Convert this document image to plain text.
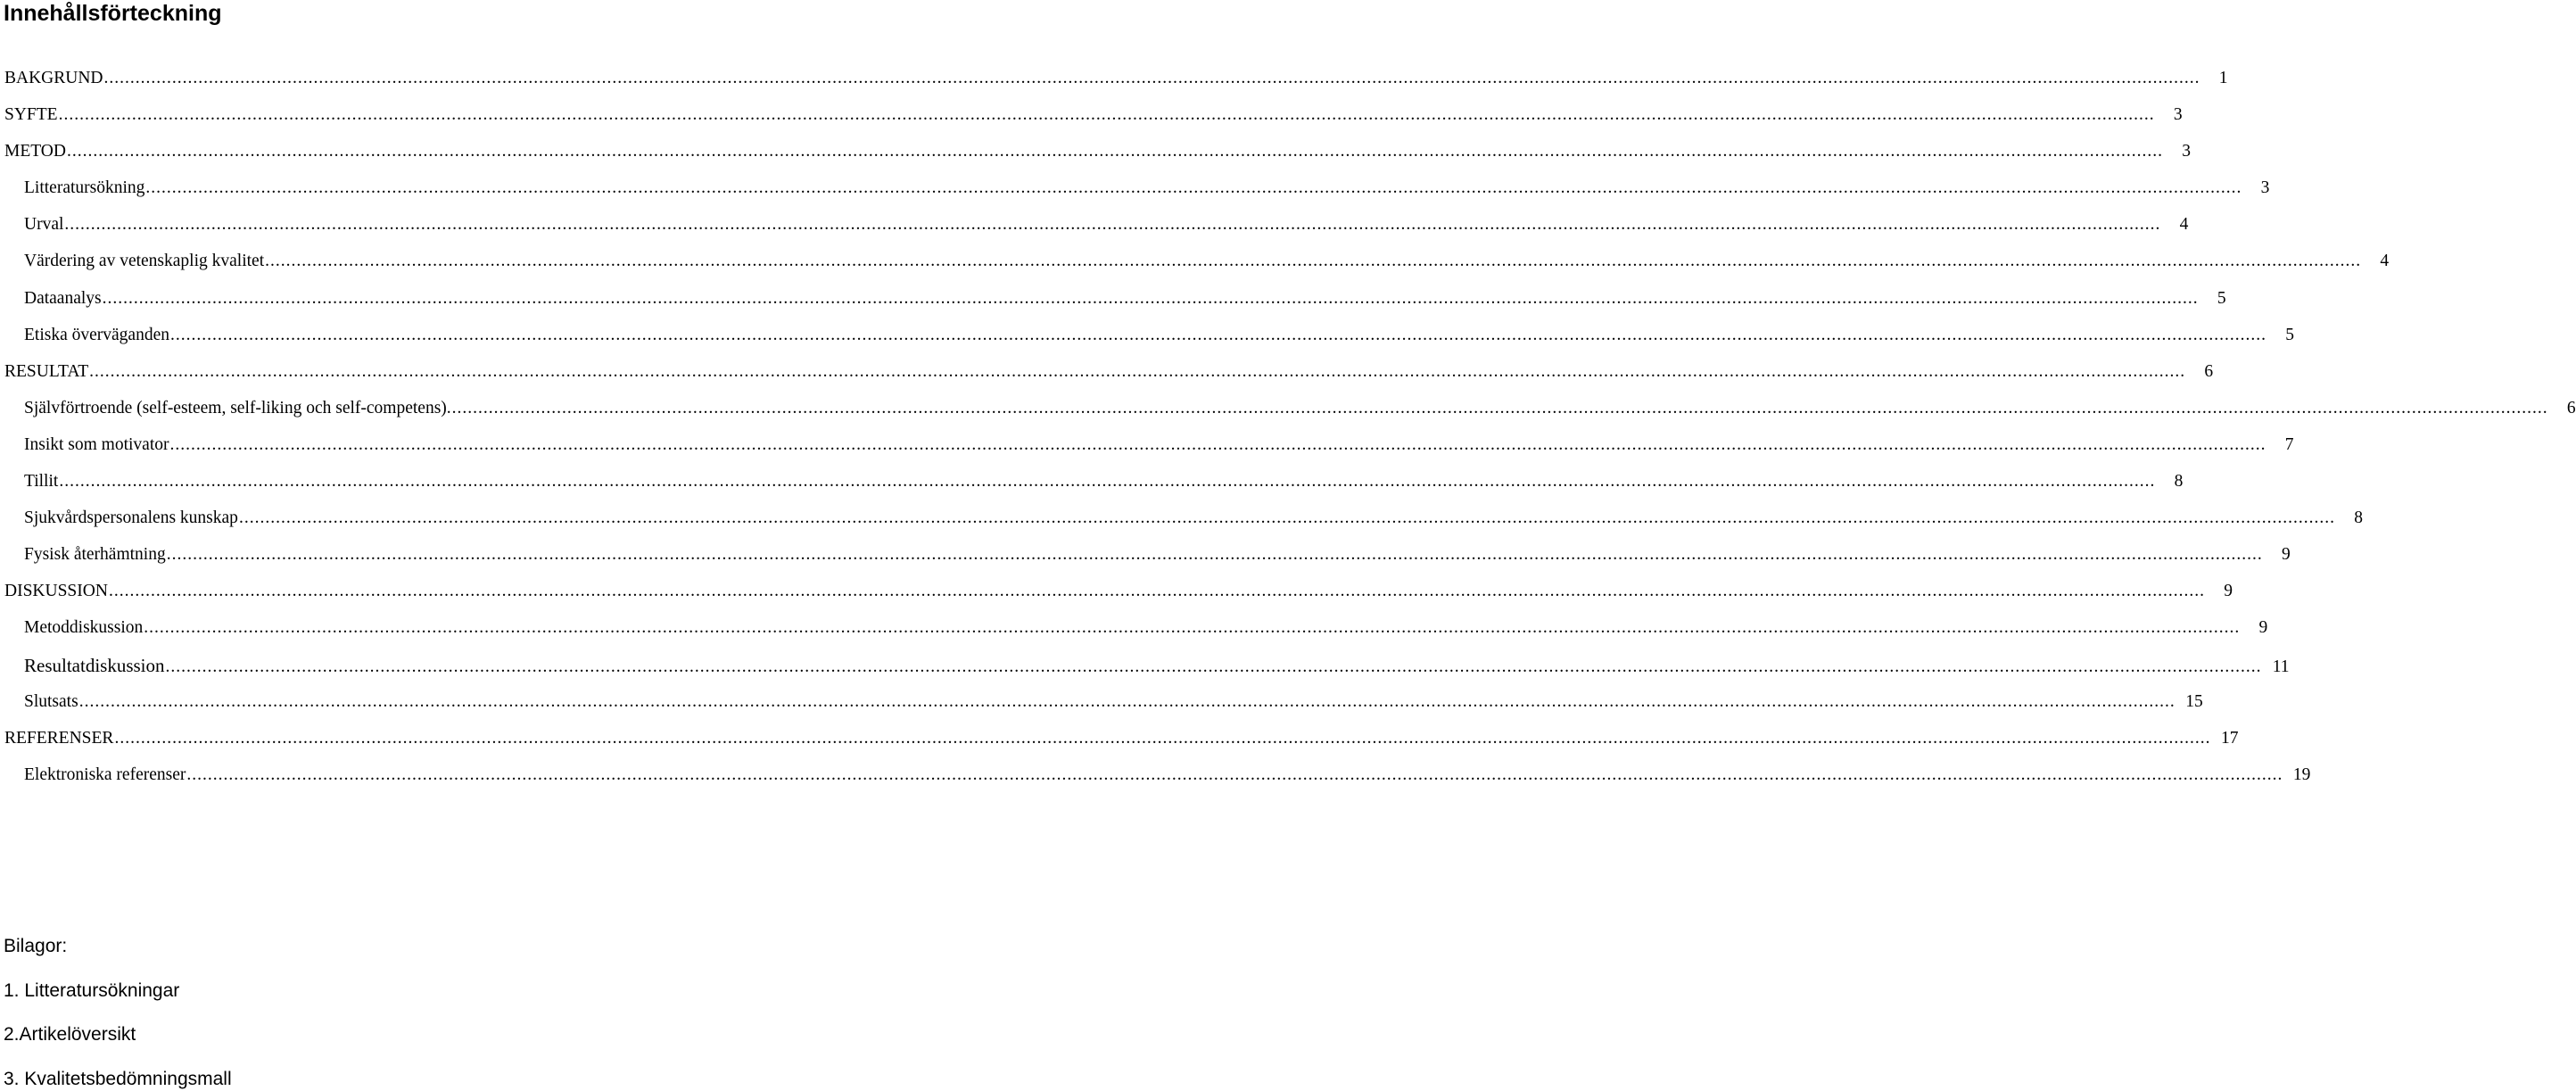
Innehållsförteckning
BAKGRUND ................................................................................................................................................................................................................................................................................................................................................................................................................	1
SYFTE ................................................................................................................................................................................................................................................................................................................................................................................................................	3
METOD ................................................................................................................................................................................................................................................................................................................................................................................................................	3
Litteratursökning ................................................................................................................................................................................................................................................................................................................................................................................................................	3
Urval ................................................................................................................................................................................................................................................................................................................................................................................................................	4
Värdering av vetenskaplig kvalitet ................................................................................................................................................................................................................................................................................................................................................................................................................	4
Dataanalys ................................................................................................................................................................................................................................................................................................................................................................................................................	5
Etiska överväganden ................................................................................................................................................................................................................................................................................................................................................................................................................	5
RESULTAT ................................................................................................................................................................................................................................................................................................................................................................................................................	6
Självförtroende (self-esteem, self-liking och self-competens). ................................................................................................................................................................................................................................................................................................................................................................................................................	6
Insikt som motivator ................................................................................................................................................................................................................................................................................................................................................................................................................	7
Tillit ................................................................................................................................................................................................................................................................................................................................................................................................................	8
Sjukvårdspersonalens kunskap ................................................................................................................................................................................................................................................................................................................................................................................................................	8
Fysisk återhämtning ................................................................................................................................................................................................................................................................................................................................................................................................................	9
DISKUSSION ................................................................................................................................................................................................................................................................................................................................................................................................................	9
Metoddiskussion ................................................................................................................................................................................................................................................................................................................................................................................................................	9
Resultatdiskussion ................................................................................................................................................................................................................................................................................................................................................................................................................ 11
Slutsats ................................................................................................................................................................................................................................................................................................................................................................................................................ 15
REFERENSER ................................................................................................................................................................................................................................................................................................................................................................................................................ 17
Elektroniska referenser ................................................................................................................................................................................................................................................................................................................................................................................................................ 19
Bilagor:
1. Litteratursökningar
2.Artikelöversikt
3. Kvalitetsbedömningsmall
